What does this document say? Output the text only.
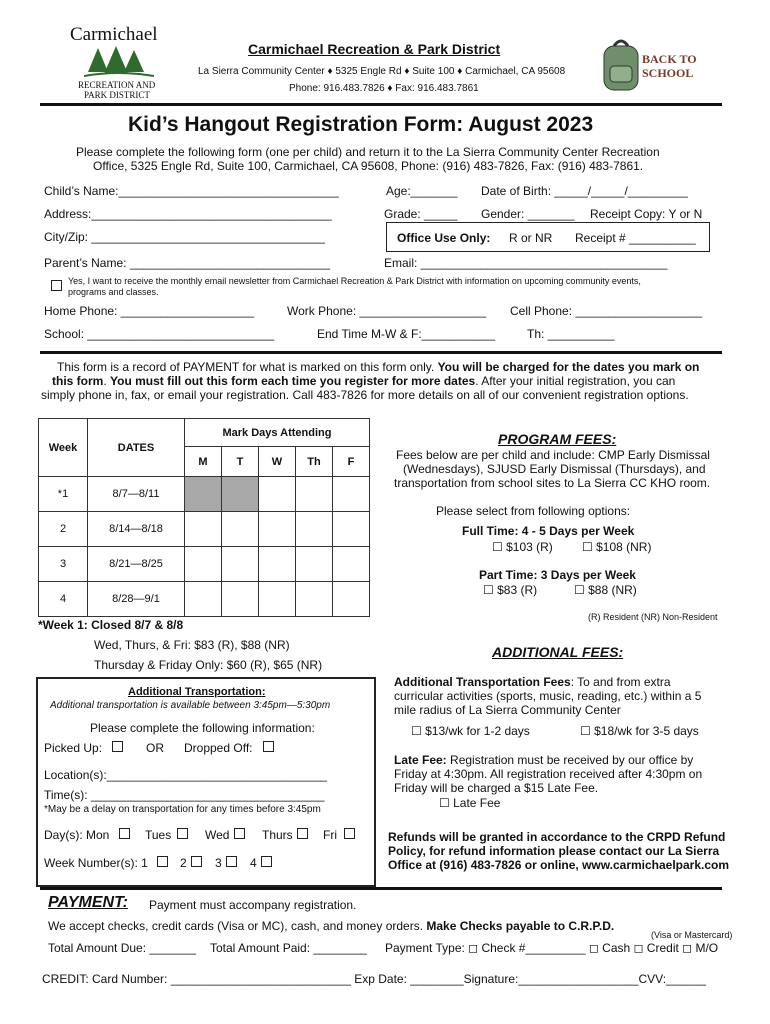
Carmichael
RECREATION AND
PARK DISTRICT
Carmichael Recreation & Park District
La Sierra Community Center ♦ 5325 Engle Rd ♦ Suite 100 ♦ Carmichael, CA 95608
Phone: 916.483.7826 ♦ Fax: 916.483.7861
BACK TO SCHOOL
Kid’s Hangout Registration Form: August 2023
Please complete the following form (one per child) and return it to the La Sierra Community Center Recreation
Office, 5325 Engle Rd, Suite 100, Carmichael, CA 95608, Phone: (916) 483-7826, Fax: (916) 483-7861.
Child’s Name:_________________________________	Age:_______ Date of Birth: _____/_____/_________
Address:____________________________________	Grade: _____ Gender: _______ Receipt Copy: Y or N
City/Zip: ___________________________________	Office Use Only: R or NR Receipt # __________
Parent’s Name: ______________________________	Email: _____________________________________
Yes, I want to receive the monthly email newsletter from Carmichael Recreation & Park District with information on upcoming community events,
programs and classes.
Home Phone: ____________________	Work Phone: ___________________ Cell Phone: ___________________
School: ____________________________	End Time M-W & F:___________	Th: __________
This form is a record of PAYMENT for what is marked on this form only. You will be charged for the dates you mark on
this form. You must fill out this form each time you register for more dates. After your initial registration, you can
simply phone in, fax, or email your registration. Call 483-7826 for more details on all of our convenient registration options.
Week	DATES	Mark Days Attending				
		M	T	W	Th	F
*1	8/7—8/11					
2	8/14—8/18					
3	8/21—8/25					
4	8/28—9/1					
*Week 1: Closed 8/7 & 8/8
Wed, Thurs, & Fri: $83 (R), $88 (NR)
Thursday & Friday Only: $60 (R), $65 (NR)
PROGRAM FEES:
Fees below are per child and include: CMP Early Dismissal
(Wednesdays), SJUSD Early Dismissal (Thursdays), and
transportation from school sites to La Sierra CC KHO room.
Please select from following options:
Full Time: 4 - 5 Days per Week
☐ $103 (R) ☐ $108 (NR)
Part Time: 3 Days per Week
☐ $83 (R)	☐ $88 (NR)
(R) Resident (NR) Non-Resident
Additional Transportation:
Additional transportation is available between 3:45pm—5:30pm
Please complete the following information:
Picked Up:	OR Dropped Off:
Location(s):_________________________________
Time(s): ___________________________________
*May be a delay on transportation for any times before 3:45pm
Day(s): Mon	Tues	Wed	Thurs	Fri
Week Number(s): 1	2 3 4
ADDITIONAL FEES:
Additional Transportation Fees: To and from extra
curricular activities (sports, music, reading, etc.) within a 5
mile radius of La Sierra Community Center
☐ $13/wk for 1-2 days	☐ $18/wk for 3-5 days
Late Fee: Registration must be received by our office by
Friday at 4:30pm. All registration received after 4:30pm on
Friday will be charged a $15 Late Fee.
☐ Late Fee
Refunds will be granted in accordance to the CRPD Refund
Policy, for refund information please contact our La Sierra
Office at (916) 483-7826 or online, www.carmichaelpark.com
PAYMENT: Payment must accompany registration.
We accept checks, credit cards (Visa or MC), cash, and money orders. Make Checks payable to C.R.P.D.
(Visa or Mastercard)
Total Amount Due: _______ Total Amount Paid: ________ Payment Type: ◻ Check #_________ ◻ Cash ◻ Credit ◻ M/O
CREDIT: Card Number: ___________________________ Exp Date: ________Signature:__________________CVV:______
